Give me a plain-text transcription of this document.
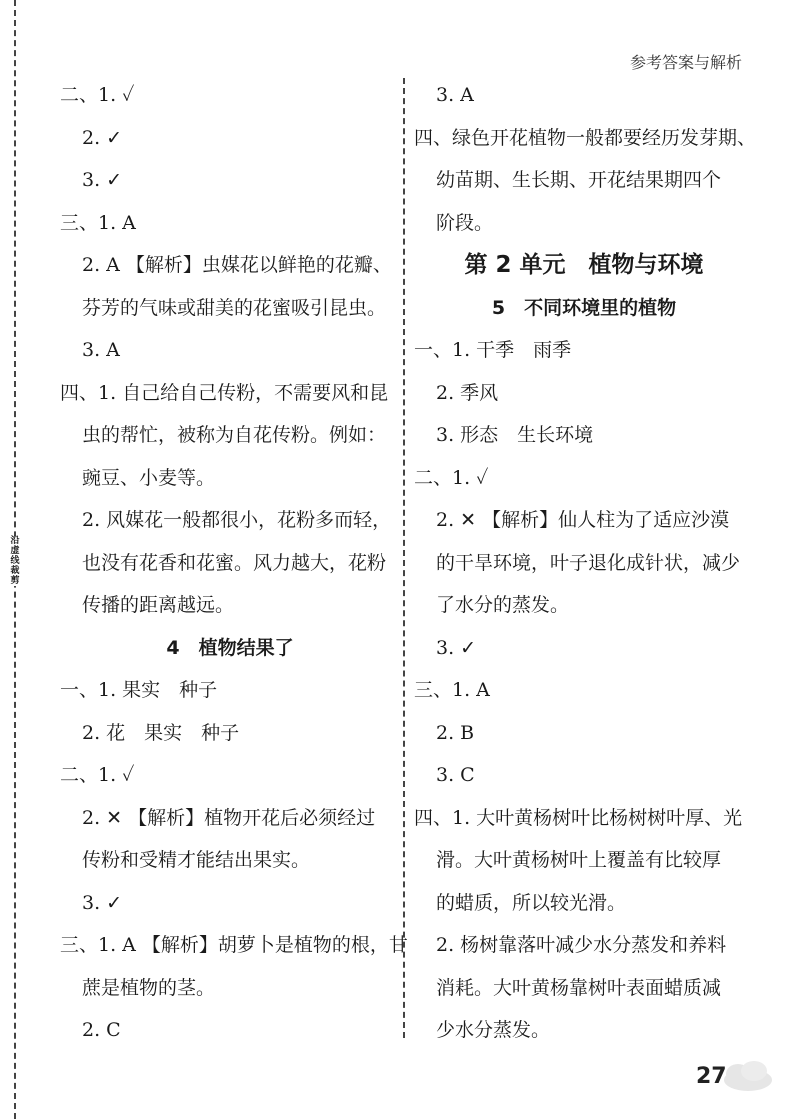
沿虚线裁剪
参考答案与解析
二、1. ✓
2. ✓
3. ✓
三、1. A
2. A 【解析】虫媒花以鲜艳的花瓣、
芬芳的气味或甜美的花蜜吸引昆虫。
3. A
四、1. 自己给自己传粉，不需要风和昆
虫的帮忙，被称为自花传粉。例如：
豌豆、小麦等。
2. 风媒花一般都很小，花粉多而轻，
也没有花香和花蜜。风力越大，花粉
传播的距离越远。
4　植物结果了
一、1. 果实　种子
2. 花　果实　种子
二、1. ✓
2. ✕ 【解析】植物开花后必须经过
传粉和受精才能结出果实。
3. ✓
三、1. A 【解析】胡萝卜是植物的根，甘
蔗是植物的茎。
2. C
3. A
四、绿色开花植物一般都要经历发芽期、
幼苗期、生长期、开花结果期四个
阶段。
第 2 单元　植物与环境
5　不同环境里的植物
一、1. 干季　雨季
2. 季风
3. 形态　生长环境
二、1. ✓
2. ✕ 【解析】仙人柱为了适应沙漠
的干旱环境，叶子退化成针状，减少
了水分的蒸发。
3. ✓
三、1. A
2. B
3. C
四、1. 大叶黄杨树叶比杨树树叶厚、光
滑。大叶黄杨树叶上覆盖有比较厚
的蜡质，所以较光滑。
2. 杨树靠落叶减少水分蒸发和养料
消耗。大叶黄杨靠树叶表面蜡质减
少水分蒸发。
27
